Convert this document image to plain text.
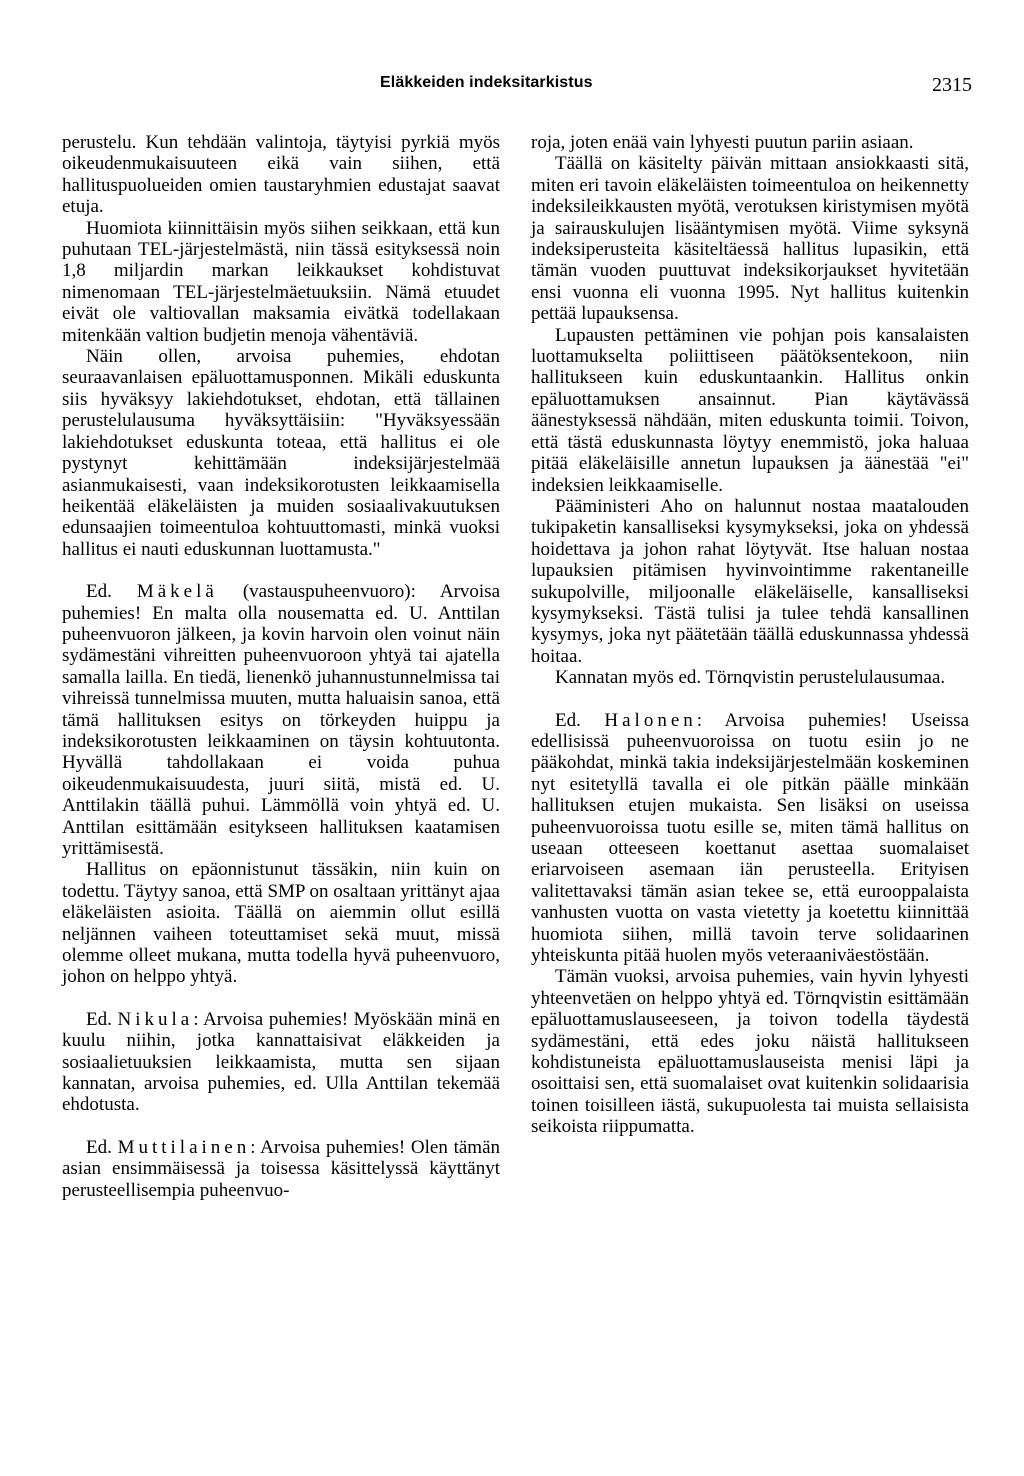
Eläkkeiden indeksitarkistus	2315

perustelu. Kun tehdään valintoja, täytyisi pyrkiä myös oikeudenmukaisuuteen eikä vain siihen, että hallituspuolueiden omien taustaryhmien edustajat saavat etuja.

Huomiota kiinnittäisin myös siihen seikkaan, että kun puhutaan TEL-järjestelmästä, niin tässä esityksessä noin 1,8 miljardin markan leikkaukset kohdistuvat nimenomaan TEL-järjestelmäetuuksiin. Nämä etuudet eivät ole valtiovallan maksamia eivätkä todellakaan mitenkään valtion budjetin menoja vähentäviä.

Näin ollen, arvoisa puhemies, ehdotan seuraavanlaisen epäluottamusponnen. Mikäli eduskunta siis hyväksyy lakiehdotukset, ehdotan, että tällainen perustelulausuma hyväksyttäisiin: "Hyväksyessään lakiehdotukset eduskunta toteaa, että hallitus ei ole pystynyt kehittämään indeksijärjestelmää asianmukaisesti, vaan indeksikorotusten leikkaamisella heikentää eläkeläisten ja muiden sosiaalivakuutuksen edunsaajien toimeentuloa kohtuuttomasti, minkä vuoksi hallitus ei nauti eduskunnan luottamusta."

Ed. Mäkelä (vastauspuheenvuoro): Arvoisa puhemies! En malta olla nousematta ed. U. Anttilan puheenvuoron jälkeen, ja kovin harvoin olen voinut näin sydämestäni vihreitten puheenvuoroon yhtyä tai ajatella samalla lailla. En tiedä, lienenkö juhannustunnelmissa tai vihreissä tunnelmissa muuten, mutta haluaisin sanoa, että tämä hallituksen esitys on törkeyden huippu ja indeksikorotusten leikkaaminen on täysin kohtuutonta. Hyvällä tahdollakaan ei voida puhua oikeudenmukaisuudesta, juuri siitä, mistä ed. U. Anttilakin täällä puhui. Lämmöllä voin yhtyä ed. U. Anttilan esittämään esitykseen hallituksen kaatamisen yrittämisestä.

Hallitus on epäonnistunut tässäkin, niin kuin on todettu. Täytyy sanoa, että SMP on osaltaan yrittänyt ajaa eläkeläisten asioita. Täällä on aiemmin ollut esillä neljännen vaiheen toteuttamiset sekä muut, missä olemme olleet mukana, mutta todella hyvä puheenvuoro, johon on helppo yhtyä.

Ed. Nikula: Arvoisa puhemies! Myöskään minä en kuulu niihin, jotka kannattaisivat eläkkeiden ja sosiaalietuuksien leikkaamista, mutta sen sijaan kannatan, arvoisa puhemies, ed. Ulla Anttilan tekemää ehdotusta.

Ed. Muttilainen: Arvoisa puhemies! Olen tämän asian ensimmäisessä ja toisessa käsittelyssä käyttänyt perusteellisempia puheenvuo-

roja, joten enää vain lyhyesti puutun pariin asiaan.

Täällä on käsitelty päivän mittaan ansiokkaasti sitä, miten eri tavoin eläkeläisten toimeentuloa on heikennetty indeksileikkausten myötä, verotuksen kiristymisen myötä ja sairauskulujen lisääntymisen myötä. Viime syksynä indeksiperusteita käsiteltäessä hallitus lupasikin, että tämän vuoden puuttuvat indeksikorjaukset hyvitetään ensi vuonna eli vuonna 1995. Nyt hallitus kuitenkin pettää lupauksensa.

Lupausten pettäminen vie pohjan pois kansalaisten luottamukselta poliittiseen päätöksentekoon, niin hallitukseen kuin eduskuntaankin. Hallitus onkin epäluottamuksen ansainnut. Pian käytävässä äänestyksessä nähdään, miten eduskunta toimii. Toivon, että tästä eduskunnasta löytyy enemmistö, joka haluaa pitää eläkeläisille annetun lupauksen ja äänestää "ei" indeksien leikkaamiselle.

Pääministeri Aho on halunnut nostaa maatalouden tukipaketin kansalliseksi kysymykseksi, joka on yhdessä hoidettava ja johon rahat löytyvät. Itse haluan nostaa lupauksien pitämisen hyvinvointimme rakentaneille sukupolville, miljoonalle eläkeläiselle, kansalliseksi kysymykseksi. Tästä tulisi ja tulee tehdä kansallinen kysymys, joka nyt päätetään täällä eduskunnassa yhdessä hoitaa.

Kannatan myös ed. Törnqvistin perustelulausumaa.

Ed. Halonen: Arvoisa puhemies! Useissa edellisissä puheenvuoroissa on tuotu esiin jo ne pääkohdat, minkä takia indeksijärjestelmään koskeminen nyt esitetyllä tavalla ei ole pitkän päälle minkään hallituksen etujen mukaista. Sen lisäksi on useissa puheenvuoroissa tuotu esille se, miten tämä hallitus on useaan otteeseen koettanut asettaa suomalaiset eriarvoiseen asemaan iän perusteella. Erityisen valitettavaksi tämän asian tekee se, että eurooppalaista vanhusten vuotta on vasta vietetty ja koetettu kiinnittää huomiota siihen, millä tavoin terve solidaarinen yhteiskunta pitää huolen myös veteraaniväestöstään.

Tämän vuoksi, arvoisa puhemies, vain hyvin lyhyesti yhteenvetäen on helppo yhtyä ed. Törnqvistin esittämään epäluottamuslauseeseen, ja toivon todella täydestä sydämestäni, että edes joku näistä hallitukseen kohdistuneista epäluottamuslauseista menisi läpi ja osoittaisi sen, että suomalaiset ovat kuitenkin solidaarisia toinen toisilleen iästä, sukupuolesta tai muista sellaisista seikoista riippumatta.
